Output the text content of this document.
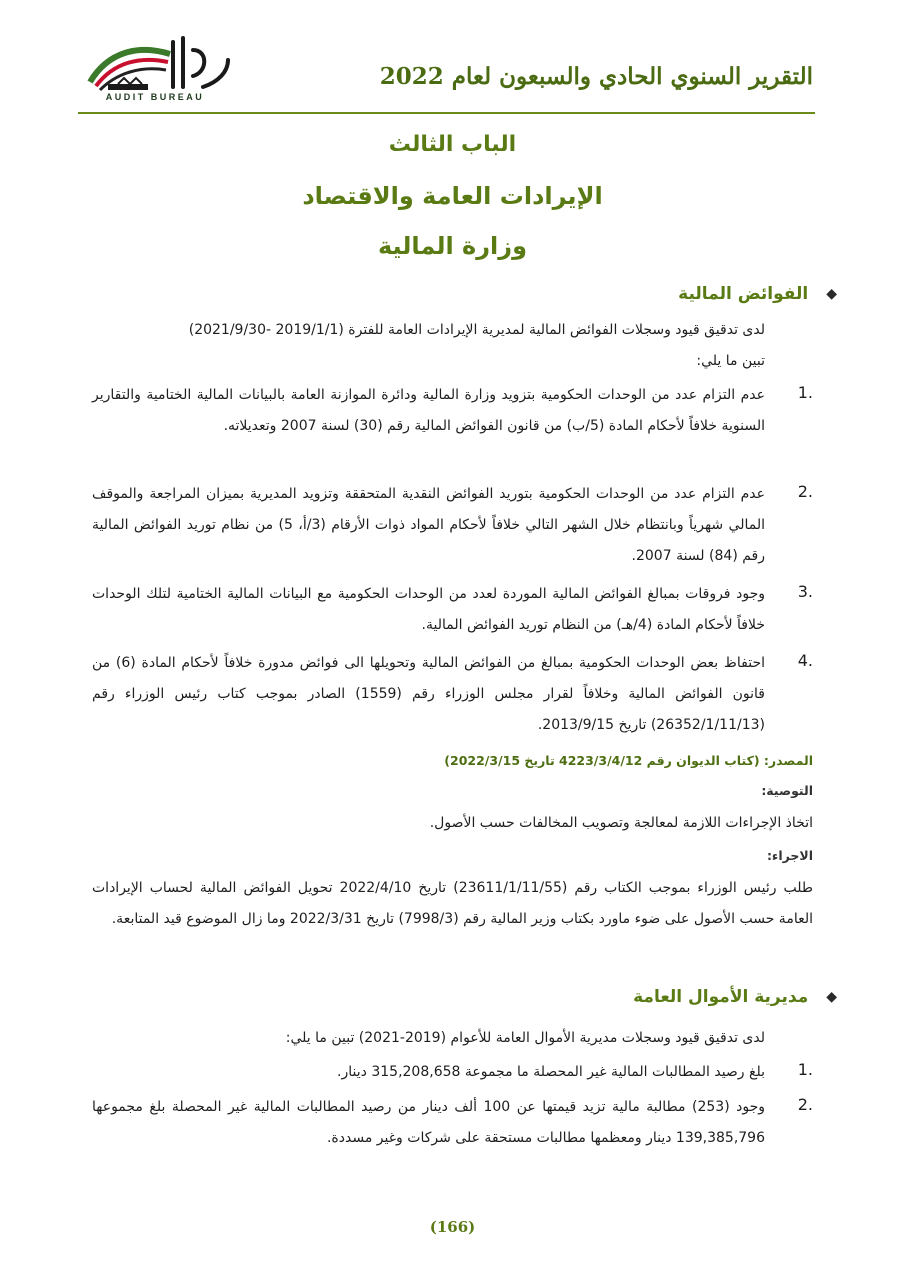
AUDIT BUREAU
التقرير السنوي الحادي والسبعون لعام 2022
الباب الثالث
الإيرادات العامة والاقتصاد
وزارة المالية
◆
الفوائض المالية
لدى تدقيق قيود وسجلات الفوائض المالية لمديرية الإيرادات العامة للفترة (2019/1/1 -2021/9/30)
تبين ما يلي:
1.
عدم التزام عدد من الوحدات الحكومية بتزويد وزارة المالية ودائرة الموازنة العامة بالبيانات المالية الختامية والتقارير السنوية خلافاً لأحكام المادة (5/ب) من قانون الفوائض المالية رقم (30) لسنة 2007 وتعديلاته.
2.
عدم التزام عدد من الوحدات الحكومية بتوريد الفوائض النقدية المتحققة وتزويد المديرية بميزان المراجعة والموقف المالي شهرياً وبانتظام خلال الشهر التالي خلافاً لأحكام المواد ذوات الأرقام (3/أ، 5) من نظام توريد الفوائض المالية رقم (84) لسنة 2007.
3.
وجود فروقات بمبالغ الفوائض المالية الموردة لعدد من الوحدات الحكومية مع البيانات المالية الختامية لتلك الوحدات خلافاً لأحكام المادة (4/هـ) من النظام توريد الفوائض المالية.
4.
احتفاظ بعض الوحدات الحكومية بمبالغ من الفوائض المالية وتحويلها الى فوائض مدورة خلافاً لأحكام المادة (6) من قانون الفوائض المالية وخلافاً لقرار مجلس الوزراء رقم (1559) الصادر بموجب كتاب رئيس الوزراء رقم (26352/1/11/13) تاريخ 2013/9/15.
المصدر: (كتاب الديوان رقم 4223/3/4/12 تاريخ 2022/3/15)
التوصية:
اتخاذ الإجراءات اللازمة لمعالجة وتصويب المخالفات حسب الأصول.
الاجراء:
طلب رئيس الوزراء بموجب الكتاب رقم (23611/1/11/55) تاريخ 2022/4/10 تحويل الفوائض المالية لحساب الإيرادات العامة حسب الأصول على ضوء ماورد بكتاب وزير المالية رقم (7998/3) تاريخ 2022/3/31 وما زال الموضوع قيد المتابعة.
◆
مديرية الأموال العامة
لدى تدقيق قيود وسجلات مديرية الأموال العامة للأعوام (2019-2021) تبين ما يلي:
1.
بلغ رصيد المطالبات المالية غير المحصلة ما مجموعة 315,208,658 دينار.
2.
وجود (253) مطالبة مالية تزيد قيمتها عن 100 ألف دينار من رصيد المطالبات المالية غير المحصلة بلغ مجموعها 139,385,796 دينار ومعظمها مطالبات مستحقة على شركات وغير مسددة.
(166)
